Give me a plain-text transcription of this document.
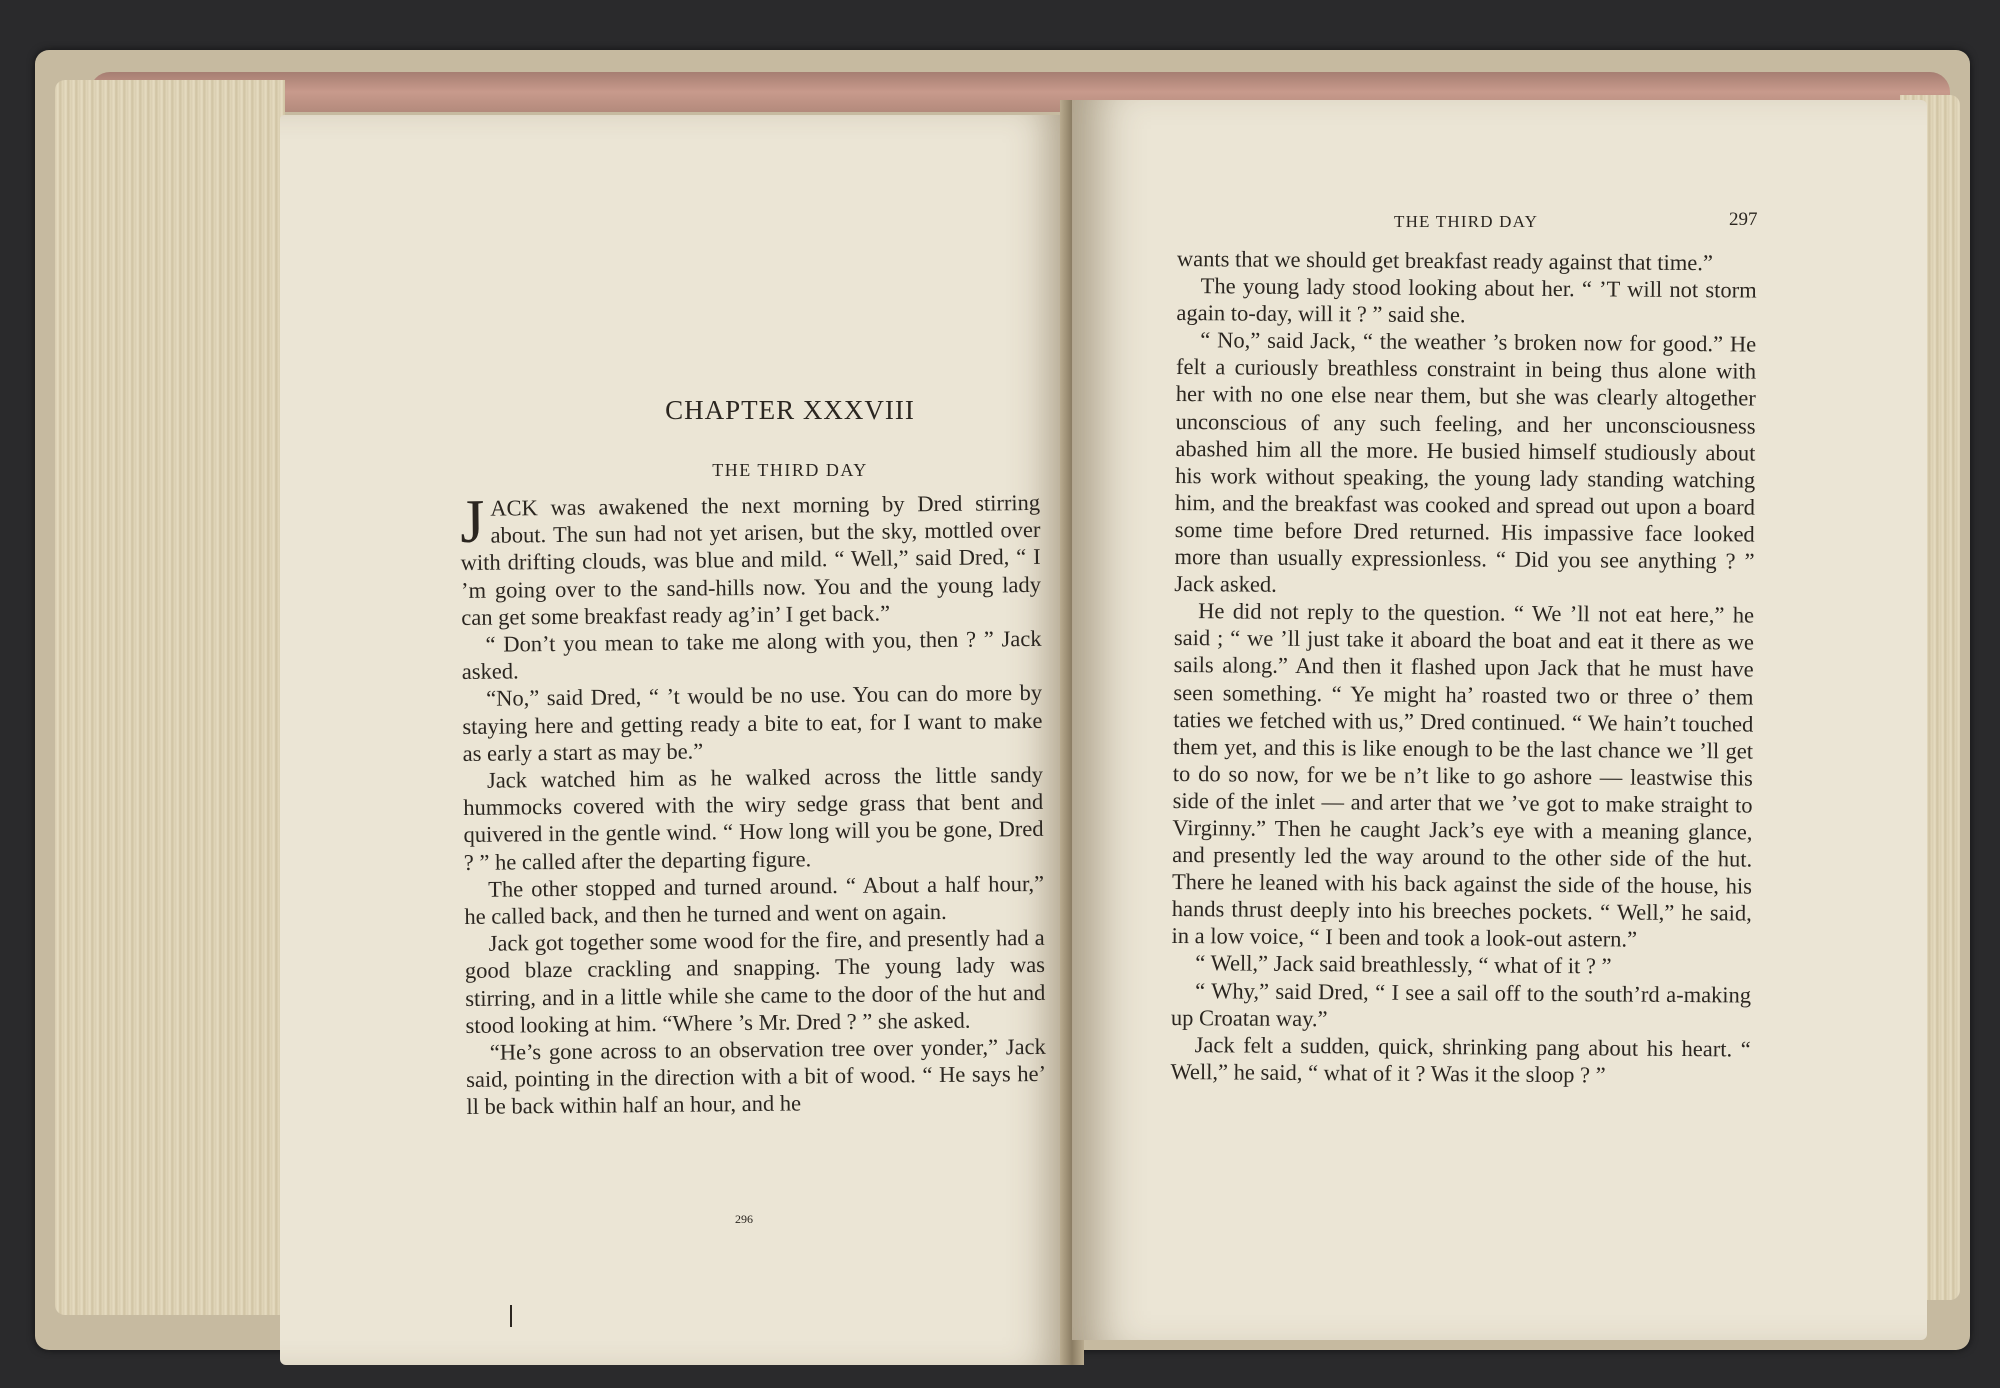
CHAPTER XXXVIII
THE THIRD DAY

JACK was awakened the next morning by Dred stirring about. The sun had not yet arisen, but the sky, mottled over with drifting clouds, was blue and mild. “ Well,” said Dred, “ I ’m going over to the sand-hills now. You and the young lady can get some breakfast ready ag’in’ I get back.”

“ Don’t you mean to take me along with you, then ? ” Jack asked.

“No,” said Dred, “ ’t would be no use. You can do more by staying here and getting ready a bite to eat, for I want to make as early a start as may be.”

Jack watched him as he walked across the little sandy hummocks covered with the wiry sedge grass that bent and quivered in the gentle wind. “ How long will you be gone, Dred ? ” he called after the departing figure.

The other stopped and turned around. “ About a half hour,” he called back, and then he turned and went on again.

Jack got together some wood for the fire, and presently had a good blaze crackling and snapping. The young lady was stirring, and in a little while she came to the door of the hut and stood looking at him. “Where ’s Mr. Dred ? ” she asked.

“He’s gone across to an observation tree over yonder,” Jack said, pointing in the direction with a bit of wood. “ He says he’ ll be back within half an hour, and he

296
THE THIRD DAY	297

wants that we should get breakfast ready against that time.”

The young lady stood looking about her. “ ’T will not storm again to-day, will it ? ” said she.

“ No,” said Jack, “ the weather ’s broken now for good.” He felt a curiously breathless constraint in being thus alone with her with no one else near them, but she was clearly altogether unconscious of any such feeling, and her unconsciousness abashed him all the more. He busied himself studiously about his work without speaking, the young lady standing watching him, and the breakfast was cooked and spread out upon a board some time before Dred returned. His impassive face looked more than usually expressionless. “ Did you see anything ? ” Jack asked.

He did not reply to the question. “ We ’ll not eat here,” he said ; “ we ’ll just take it aboard the boat and eat it there as we sails along.” And then it flashed upon Jack that he must have seen something. “ Ye might ha’ roasted two or three o’ them taties we fetched with us,” Dred continued. “ We hain’t touched them yet, and this is like enough to be the last chance we ’ll get to do so now, for we be n’t like to go ashore — leastwise this side of the inlet — and arter that we ’ve got to make straight to Virginny.” Then he caught Jack’s eye with a meaning glance, and presently led the way around to the other side of the hut. There he leaned with his back against the side of the house, his hands thrust deeply into his breeches pockets. “ Well,” he said, in a low voice, “ I been and took a look-out astern.”

“ Well,” Jack said breathlessly, “ what of it ? ”

“ Why,” said Dred, “ I see a sail off to the south’rd a-making up Croatan way.”

Jack felt a sudden, quick, shrinking pang about his heart. “ Well,” he said, “ what of it ? Was it the sloop ? ”
